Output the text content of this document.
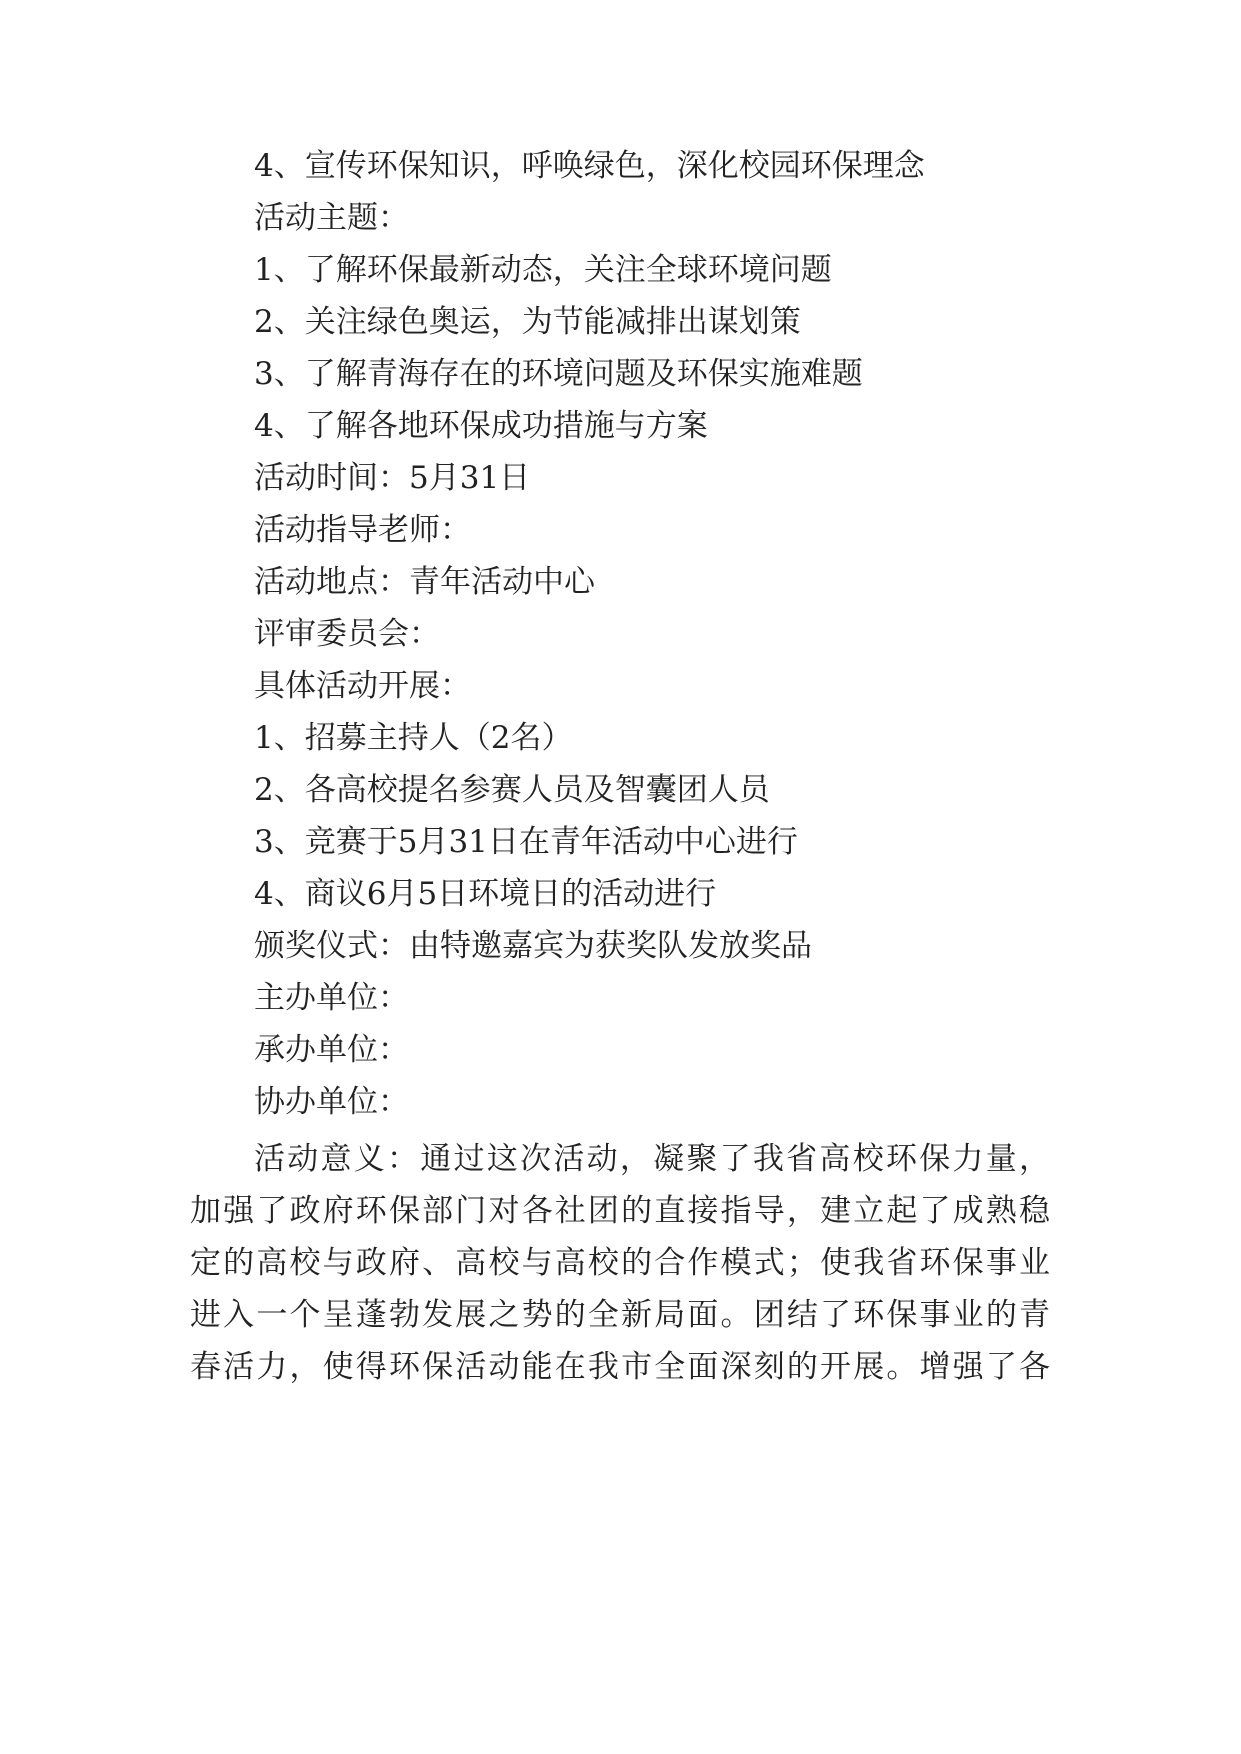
4、宣传环保知识，呼唤绿色，深化校园环保理念

活动主题：

1、了解环保最新动态，关注全球环境问题

2、关注绿色奥运，为节能减排出谋划策

3、了解青海存在的环境问题及环保实施难题

4、了解各地环保成功措施与方案

活动时间：5月31日

活动指导老师：

活动地点：青年活动中心

评审委员会：

具体活动开展：

1、招募主持人（2名）

2、各高校提名参赛人员及智囊团人员

3、竞赛于5月31日在青年活动中心进行

4、商议6月5日环境日的活动进行

颁奖仪式：由特邀嘉宾为获奖队发放奖品

主办单位：

承办单位：

协办单位：

活动意义：通过这次活动，凝聚了我省高校环保力量，

加强了政府环保部门对各社团的直接指导，建立起了成熟稳

定的高校与政府、高校与高校的合作模式；使我省环保事业

进入一个呈蓬勃发展之势的全新局面。团结了环保事业的青

春活力，使得环保活动能在我市全面深刻的开展。增强了各
